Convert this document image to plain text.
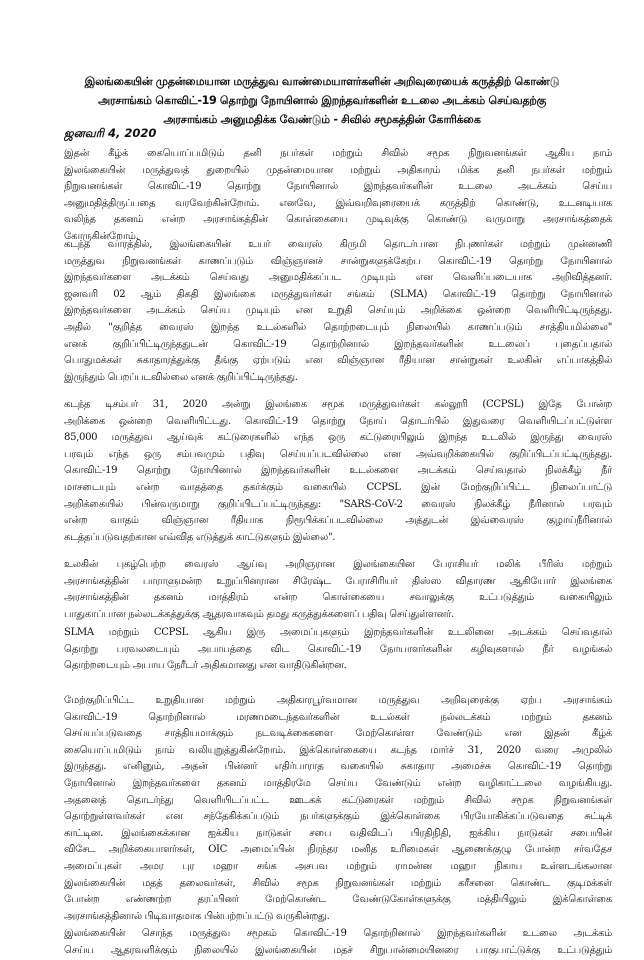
இலங்கையின் முதன்மையான மருத்துவ வாண்மையாளர்களின் அறிவுரையைக் கருத்திற் கொண்டு
அரசாங்கம் கொவிட்-19 தொற்று நோயினால் இறந்தவர்களின் உடலை அடக்கம் செய்வதற்கு
அரசாங்கம் அனுமதிக்க வேண்டும் - சிவில் சமூகத்தின் கோரிக்கை
ஜனவரி 4, 2020
இதன் கீழ்க் கையொப்பமிடும் தனி நபர்கள் மற்றும் சிவில் சமூக நிறுவனங்கள் ஆகிய நாம்
இலங்கையின் மருத்துவத் துறையில் முதன்மையான மற்றும் அதிகாரம் மிக்க தனி நபர்கள் மற்றும்
நிறுவனங்கள் கொவிட்-19 தொற்று நோயினால் இறந்தவர்களின் உடலை அடக்கம் செய்ய
அனுமதித்திருப்பதை வரவேற்கின்றோம். எனவே, இவ்வறிவுரையைக் கருத்திற் கொண்டு, உடனடியாக
வலிந்த தகனம் என்ற அரசாங்கத்தின் கொள்கையை முடிவுக்கு கொண்டு வருமாறு அரசாங்கத்தைக்
கோருகின்றோம்.
கடந்த வாரத்தில், இலங்கையின் உயர் வைரஸ் கிருமி தொடர்பான நிபுணர்கள் மற்றும் முன்னணி
மருத்துவ நிறுவனங்கள் காணப்படும் விஞ்ஞானச் சான்றுகளுக்கேற்ப கொவிட்-19 தொற்று நோயினால்
இறந்தவர்களை அடக்கம் செய்வது அனுமதிக்கப்பட முடியும் என வெளிப்படையாக அறிவித்தனர்.
ஜனவரி 02 ஆம் திகதி இலங்கை மருத்துவர்கள் சங்கம் (SLMA) கொவிட்-19 தொற்று நோயினால்
இறந்தவர்களை அடக்கம் செய்ய முடியும் என உறுதி செய்யும் அறிக்கை ஒன்றை வெளியிட்டிருந்தது.
அதில் "குறித்த வைரஸ் இறந்த உடல்களில் தொற்றடையும் நிலையில் காணப்படும் சாத்தியமில்லை"
எனக் குறிப்பிட்டிருந்ததுடன் கொவிட்-19 தொற்றினால் இறந்தவர்களின் உடலைப் புதைப்பதால்
பொதுமக்கள் சுகாதாரத்துக்கு தீங்கு ஏற்படும் என விஞ்ஞான ரீதியான சான்றுகள் உலகின் எப்பாகத்தில்
இருந்தும் பெறப்படவில்லை எனக் குறிப்பிட்டிருந்தது.
கடந்த டிசம்பர் 31, 2020 அன்று இலங்கை சமூக மருத்துவர்கள் கல்லூரி (CCPSL) இதே போன்ற
அறிக்கை ஒன்றை வெளியிட்டது. கொவிட்-19 தொற்று நோய் தொடர்பில் இதுவரை வெளியிடப்பட்டுள்ள
85,000 மருத்துவ ஆய்வுக் கட்டுரைகளில் எந்த ஒரு கட்டுரையிலும் இறந்த உடலில் இருந்து வைரஸ்
பரவும் எந்த ஒரு சம்பவமும் பதிவு செய்யப்படவில்லை என அவ்வறிக்கையில் குறிப்பிடப்பட்டிருந்தது.
கொவிட்-19 தொற்று நோயினால் இறந்தவர்களின் உடல்களை அடக்கம் செய்வதால் நிலக்கீழ் நீர்
மாசடையும் என்ற வாதத்தை தகர்க்கும் வகையில் CCPSL இன் மேற்குறிப்பிட்ட நிலைப்பாட்டு
அறிக்கையில் பின்வருமாறு குறிப்பிடப்பட்டிருந்தது: "SARS-CoV-2 வைரஸ் நிலக்கீழ் நீரினால் பரவும்
என்ற வாதம் விஞ்ஞான ரீதியாக நிரூபிக்கப்படவில்லை அத்துடன் இவ்வைரஸ் குழாய்நீரினால்
கடத்தப்படுவதற்கான எவ்வித எடுத்துக் காட்டுகளும் இல்லை".
உலகின் புகழ்பெற்ற வைரஸ் ஆய்வு அறிஞரான இலங்கையின பேராசியர் மலிக் பீரிஸ் மற்றும்
அரசாங்கத்தின் பாராளுமன்ற உறுப்பினரான சிரேஷ்ட பேராசிரியர் திஸ்ஸ விதாரண ஆகியோர் இலங்கை
அரசாங்கத்தின் தகனம் மாத்திரம் என்ற கொள்கையை சவாலுக்கு உட்படுத்தும் வகையிலும்
பாதுகாப்பான நல்லடக்கத்துக்கு ஆதரவாகவும் தமது கருத்துக்களைப் பதிவு செய்துள்ளனர்.
SLMA மற்றும் CCPSL ஆகிய இரு அமைப்புகளும் இறந்தவர்களின் உடலினை அடக்கம் செய்வதால்
தொற்று பரவலடையும் அபாயத்தை விட கொவிட்-19 நோயாளர்களின் கழிவுகளால் நீர் வழங்கல்
தொற்றடையும் அபாய நேரீடர் அதிகமானது என வாதிடுகின்றன.
மேற்குறிப்பிட்ட உறுதியான மற்றும் அதிகாரபூர்வமான மருத்துவ அறிவுரைக்கு ஏற்ப அரசாங்கம்
கொவிட்-19 தொற்றினால் மரணமடைந்தவர்களின் உடல்கள் நல்லடக்கம் மற்றும் தகனம்
செய்யப்படுவதை சாத்தியமாக்கும் நடவடிக்கைகளை மேற்கொள்ள வேண்டும் என இதன் கீழ்க்
கையொப்பமிடும் நாம் வலியுறுத்துகின்றோம். இக்கொள்கையை கடந்த மார்ச் 31, 2020 வரை அமுலில்
இருந்தது. எனினும், அதன் பின்னர் எதிர்பாராத வகையில் சுகாதார அமைச்சு கொவிட்-19 தொற்று
நோயினால் இறந்தவர்களை தகனம் மாத்திரமே செய்ய வேண்டும் என்ற வழிகாட்டலை வழங்கியது.
அதனைத் தொடர்ந்து வெளியிடப்பட்ட ஊடகக் கட்டுரைகள் மற்றும் சிவில் சமூக நிறுவனங்கள்
தொற்றுள்ளவர்கள் என சந்தேகிக்கப்படும் நபர்களுக்கும் இக்கொள்கை பிரயோகிக்கப்படுவதை சுட்டிக்
காட்டின. இலங்கைக்கான ஐக்கிய நாடுகள் சபை வதிவிடப் பிரதிநிதி, ஐக்கிய நாடுகள் சபையின்
விசேட அறிக்கையாளர்கள், OIC அமைப்பின் நிரந்தர மனித உரிமைகள் ஆணைக்குழு போன்ற சர்வதேச
அமைப்புகள் அமர புர மஹா சங்க அசபவ மற்றும் ராமன்ன மஹா நிகாய உள்ளடங்கலான
இலங்கையின் மதத் தலைவர்கள், சிவில் சமூக நிறுவனங்கள் மற்றும் கரீசனை கொண்ட குடிமக்கள்
போன்ற எண்ணற்ற தரப்பினர் மேற்கொண்ட வேண்டுகோள்களுக்கு மத்தியிலும் இக்கொள்கை
அரசாங்கத்தினால் பிடிவாதமாக பின்பற்றப்பட்டு வருகின்றது.
இலங்கையின் சொந்த மருத்துவ சமூகம் கொவிட்-19 தொற்றினால் இறந்தவர்களின் உடலை அடக்கம்
செய்ய ஆதரவளிக்கும் நிலையில் இலங்கையின் மதச் சிறுபான்மையினரை பாகுபாட்டுக்கு உட்படுத்தும்
